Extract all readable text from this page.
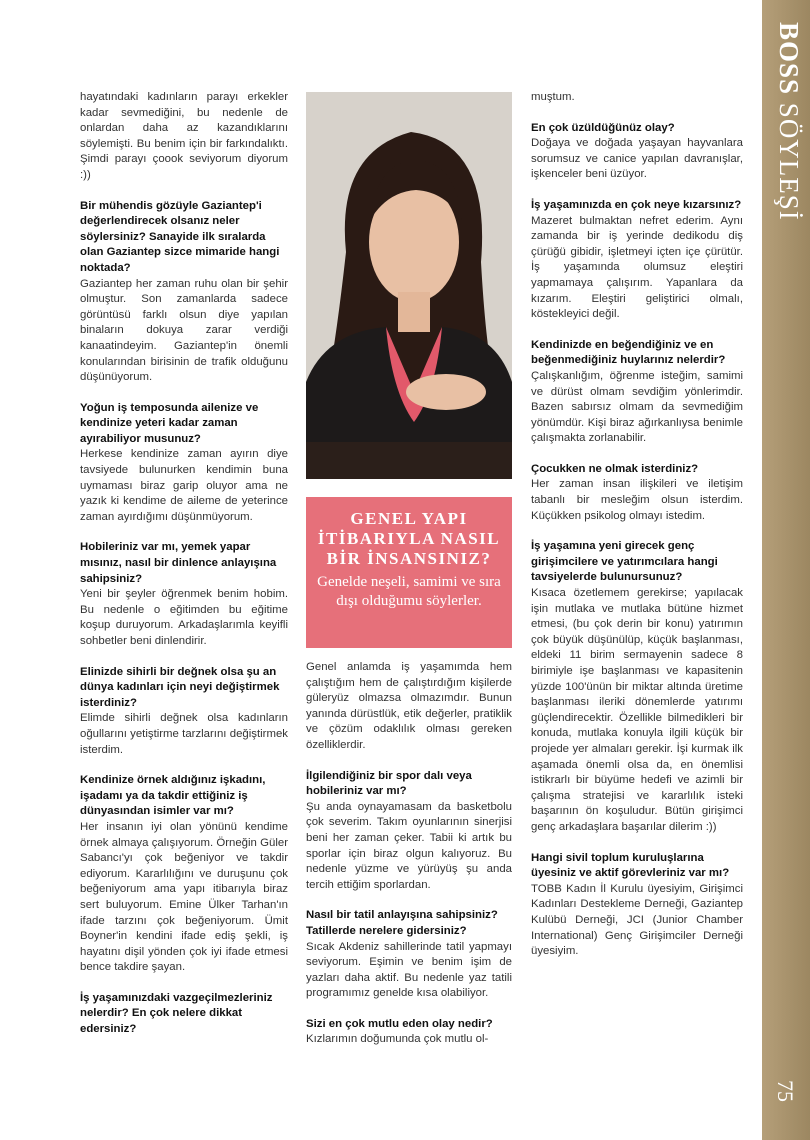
BOSS SÖYLEŞİ
75

hayatındaki kadınların parayı erkekler kadar sevmediğini, bu nedenle de onlardan daha az kazandıklarını söylemişti. Bu benim için bir farkındalıktı. Şimdi parayı çoook seviyorum diyorum :))

Bir mühendis gözüyle Gaziantep'i değerlendirecek olsanız neler söylersiniz? Sanayide ilk sıralarda olan Gaziantep sizce mimaride hangi noktada?

Gaziantep her zaman ruhu olan bir şehir olmuştur. Son zamanlarda sadece görüntüsü farklı olsun diye yapılan binaların dokuya zarar verdiği kanaatindeyim. Gaziantep'in önemli konularından birisinin de trafik olduğunu düşünüyorum.

Yoğun iş temposunda ailenize ve kendinize yeteri kadar zaman ayırabiliyor musunuz?

Herkese kendinize zaman ayırın diye tavsiyede bulunurken kendimin buna uymaması biraz garip oluyor ama ne yazık ki kendime de aileme de yeterince zaman ayırdığımı düşünmüyorum.

Hobileriniz var mı, yemek yapar mısınız, nasıl bir dinlence anlayışına sahipsiniz?

Yeni bir şeyler öğrenmek benim hobim. Bu nedenle o eğitimden bu eğitime koşup duruyorum. Arkadaşlarımla keyifli sohbetler beni dinlendirir.

Elinizde sihirli bir değnek olsa şu an dünya kadınları için neyi değiştirmek isterdiniz?

Elimde sihirli değnek olsa kadınların oğullarını yetiştirme tarzlarını değiştirmek isterdim.

Kendinize örnek aldığınız işkadını, işadamı ya da takdir ettiğiniz iş dünyasından isimler var mı?

Her insanın iyi olan yönünü kendime örnek almaya çalışıyorum. Örneğin Güler Sabancı'yı çok beğeniyor ve takdir ediyorum. Kararlılığını ve duruşunu çok beğeniyorum ama yapı itibarıyla biraz sert buluyorum. Emine Ülker Tarhan'ın ifade tarzını çok beğeniyorum. Ümit Boyner'in kendini ifade ediş şekli, iş hayatını dişil yönden çok iyi ifade etmesi bence takdire şayan.

İş yaşamınızdaki vazgeçilmezleriniz nelerdir? En çok nelere dikkat edersiniz?

GENEL YAPI İTİBARIYLA NASIL BİR İNSANSINIZ?
Genelde neşeli, samimi ve sıra dışı olduğumu söylerler.

Genel anlamda iş yaşamımda hem çalıştığım hem de çalıştırdığım kişilerde güleryüz olmazsa olmazımdır. Bunun yanında dürüstlük, etik değerler, pratiklik ve çözüm odaklılık olması gereken özelliklerdir.

İlgilendiğiniz bir spor dalı veya hobileriniz var mı?

Şu anda oynayamasam da basketbolu çok severim. Takım oyunlarının sinerjisi beni her zaman çeker. Tabii ki artık bu sporlar için biraz olgun kalıyoruz. Bu nedenle yüzme ve yürüyüş şu anda tercih ettiğim sporlardan.

Nasıl bir tatil anlayışına sahipsiniz? Tatillerde nerelere gidersiniz?

Sıcak Akdeniz sahillerinde tatil yapmayı seviyorum. Eşimin ve benim işim de yazları daha aktif. Bu nedenle yaz tatili programımız genelde kısa olabiliyor.

Sizi en çok mutlu eden olay nedir?

Kızlarımın doğumunda çok mutlu ol-

muştum.

En çok üzüldüğünüz olay?

Doğaya ve doğada yaşayan hayvanlara sorumsuz ve canice yapılan davranışlar, işkenceler beni üzüyor.

İş yaşamınızda en çok neye kızarsınız?

Mazeret bulmaktan nefret ederim. Aynı zamanda bir iş yerinde dedikodu diş çürüğü gibidir, işletmeyi içten içe çürütür. İş yaşamında olumsuz eleştiri yapmamaya çalışırım. Yapanlara da kızarım. Eleştiri geliştirici olmalı, köstekleyici değil.

Kendinizde en beğendiğiniz ve en beğenmediğiniz huylarınız nelerdir?

Çalışkanlığım, öğrenme isteğim, samimi ve dürüst olmam sevdiğim yönlerimdir. Bazen sabırsız olmam da sevmediğim yönümdür. Kişi biraz ağırkanlıysa benimle çalışmakta zorlanabilir.

Çocukken ne olmak isterdiniz?

Her zaman insan ilişkileri ve iletişim tabanlı bir mesleğim olsun isterdim. Küçükken psikolog olmayı istedim.

İş yaşamına yeni girecek genç girişimcilere ve yatırımcılara hangi tavsiyelerde bulunursunuz?

Kısaca özetlemem gerekirse; yapılacak işin mutlaka ve mutlaka bütüne hizmet etmesi, (bu çok derin bir konu) yatırımın çok büyük düşünülüp, küçük başlanması, eldeki 11 birim sermayenin sadece 8 birimiyle işe başlanması ve kapasitenin yüzde 100'ünün bir miktar altında üretime başlanması ileriki dönemlerde yatırımı güçlendirecektir. Özellikle bilmedikleri bir konuda, mutlaka konuyla ilgili küçük bir projede yer almaları gerekir. İşi kurmak ilk aşamada önemli olsa da, en önemlisi istikrarlı bir büyüme hedefi ve azimli bir çalışma stratejisi ve kararlılık isteki başarının ön koşuludur. Bütün girişimci genç arkadaşlara başarılar dilerim :))

Hangi sivil toplum kuruluşlarına üyesiniz ve aktif görevleriniz var mı?

TOBB Kadın İl Kurulu üyesiyim, Girişimci Kadınları Destekleme Derneği, Gaziantep Kulübü Derneği, JCI (Junior Chamber International) Genç Girişimciler Derneği üyesiyim.
